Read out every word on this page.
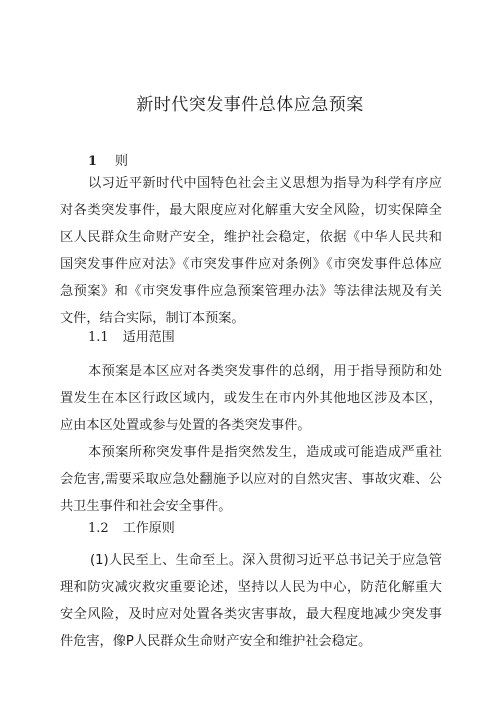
新时代突发事件总体应急预案
1 则

以习近平新时代中国特色社会主义思想为指导为科学有序应对各类突发事件，最大限度应对化解重大安全风险，切实保障全区人民群众生命财产安全，维护社会稳定，依据《中华人民共和国突发事件应对法》《市突发事件应对条例》《市突发事件总体应急预案》和《市突发事件应急预案管理办法》等法律法规及有关文件，结合实际，制订本预案。

1.1 适用范围

本预案是本区应对各类突发事件的总纲，用于指导预防和处置发生在本区行政区域内，或发生在市内外其他地区涉及本区，应由本区处置或参与处置的各类突发事件。

本预案所称突发事件是指突然发生，造成或可能造成严重社会危害,需要采取应急处翻施予以应对的自然灾害、事故灾难、公共卫生事件和社会安全事件。

1.2 工作原则

(1)人民至上、生命至上。深入贯彻习近平总书记关于应急管理和防灾减灾救灾重要论述，坚持以人民为中心，防范化解重大安全风险，及时应对处置各类灾害事故，最大程度地减少突发事件危害，像P人民群众生命财产安全和维护社会稳定。
